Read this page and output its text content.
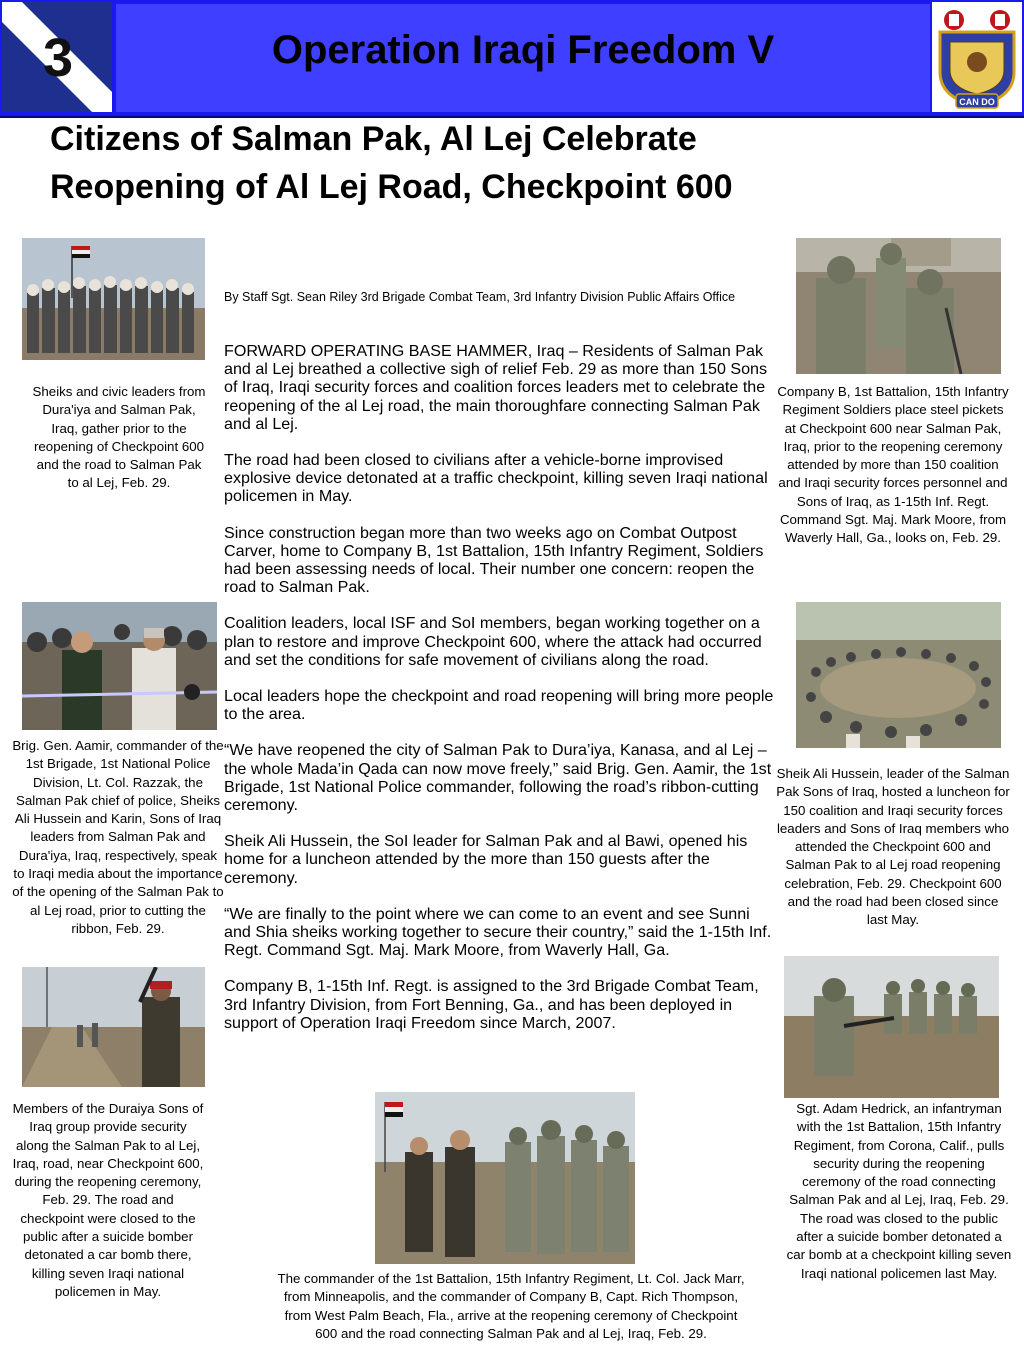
Operation Iraqi Freedom V
3
CAN DO
Citizens of Salman Pak, Al Lej Celebrate
Reopening of Al Lej Road, Checkpoint 600
Sheiks and civic leaders from Dura'iya and Salman Pak, Iraq, gather prior to the reopening of Checkpoint 600 and the road to Salman Pak to al Lej, Feb. 29.
Brig. Gen. Aamir, commander of the 1st Brigade, 1st National Police Division, Lt. Col. Razzak, the Salman Pak chief of police, Sheiks Ali Hussein and Karin, Sons of Iraq leaders from Salman Pak and Dura'iya, Iraq, respectively, speak to Iraqi media about the importance of the opening of the Salman Pak to al Lej road, prior to cutting the ribbon, Feb. 29.
Members of the Duraiya Sons of Iraq group provide security along the Salman Pak to al Lej, Iraq, road, near Checkpoint 600, during the reopening ceremony, Feb. 29. The road and checkpoint were closed to the public after a suicide bomber detonated a car bomb there, killing seven Iraqi national policemen in May.
By Staff Sgt. Sean Riley 3rd Brigade Combat Team, 3rd Infantry Division Public Affairs Office

FORWARD OPERATING BASE HAMMER, Iraq – Residents of Salman Pak and al Lej breathed a collective sigh of relief Feb. 29 as more than 150 Sons of Iraq, Iraqi security forces and coalition forces leaders met to celebrate the reopening of the al Lej road, the main thoroughfare connecting Salman Pak and al Lej.

The road had been closed to civilians after a vehicle-borne improvised explosive device detonated at a traffic checkpoint, killing seven Iraqi national policemen in May.

Since construction began more than two weeks ago on Combat Outpost Carver, home to Company B, 1st Battalion, 15th Infantry Regiment, Soldiers had been assessing needs of local. Their number one concern: reopen the road to Salman Pak.

Coalition leaders, local ISF and SoI members, began working together on a plan to restore and improve Checkpoint 600, where the attack had occurred and set the conditions for safe movement of civilians along the road.

Local leaders hope the checkpoint and road reopening will bring more people to the area.

“We have reopened the city of Salman Pak to Dura’iya, Kanasa, and al Lej – the whole Mada’in Qada can now move freely,” said Brig. Gen. Aamir, the 1st Brigade, 1st National Police commander, following the road’s ribbon-cutting ceremony.

Sheik Ali Hussein, the SoI leader for Salman Pak and al Bawi, opened his home for a luncheon attended by the more than 150 guests after the ceremony.

“We are finally to the point where we can come to an event and see Sunni and Shia sheiks working together to secure their country,” said the 1-15th Inf. Regt. Command Sgt. Maj. Mark Moore, from Waverly Hall, Ga.

Company B, 1-15th Inf. Regt. is assigned to the 3rd Brigade Combat Team, 3rd Infantry Division, from Fort Benning, Ga., and has been deployed in support of Operation Iraqi Freedom since March, 2007.

Company B, 1st Battalion, 15th Infantry Regiment Soldiers place steel pickets at Checkpoint 600 near Salman Pak, Iraq, prior to the reopening ceremony attended by more than 150 coalition and Iraqi security forces personnel and Sons of Iraq, as 1-15th Inf. Regt. Command Sgt. Maj. Mark Moore, from Waverly Hall, Ga., looks on, Feb. 29.
Sheik Ali Hussein, leader of the Salman Pak Sons of Iraq, hosted a luncheon for 150 coalition and Iraqi security forces leaders and Sons of Iraq members who attended the Checkpoint 600 and Salman Pak to al Lej road reopening celebration, Feb. 29. Checkpoint 600 and the road had been closed since last May.
Sgt. Adam Hedrick, an infantryman with the 1st Battalion, 15th Infantry Regiment, from Corona, Calif., pulls security during the reopening ceremony of the road connecting Salman Pak and al Lej, Iraq, Feb. 29. The road was closed to the public after a suicide bomber detonated a car bomb at a checkpoint killing seven Iraqi national policemen last May.
The commander of the 1st Battalion, 15th Infantry Regiment, Lt. Col. Jack Marr, from Minneapolis, and the commander of Company B, Capt. Rich Thompson, from West Palm Beach, Fla., arrive at the reopening ceremony of Checkpoint 600 and the road connecting Salman Pak and al Lej, Iraq, Feb. 29.
